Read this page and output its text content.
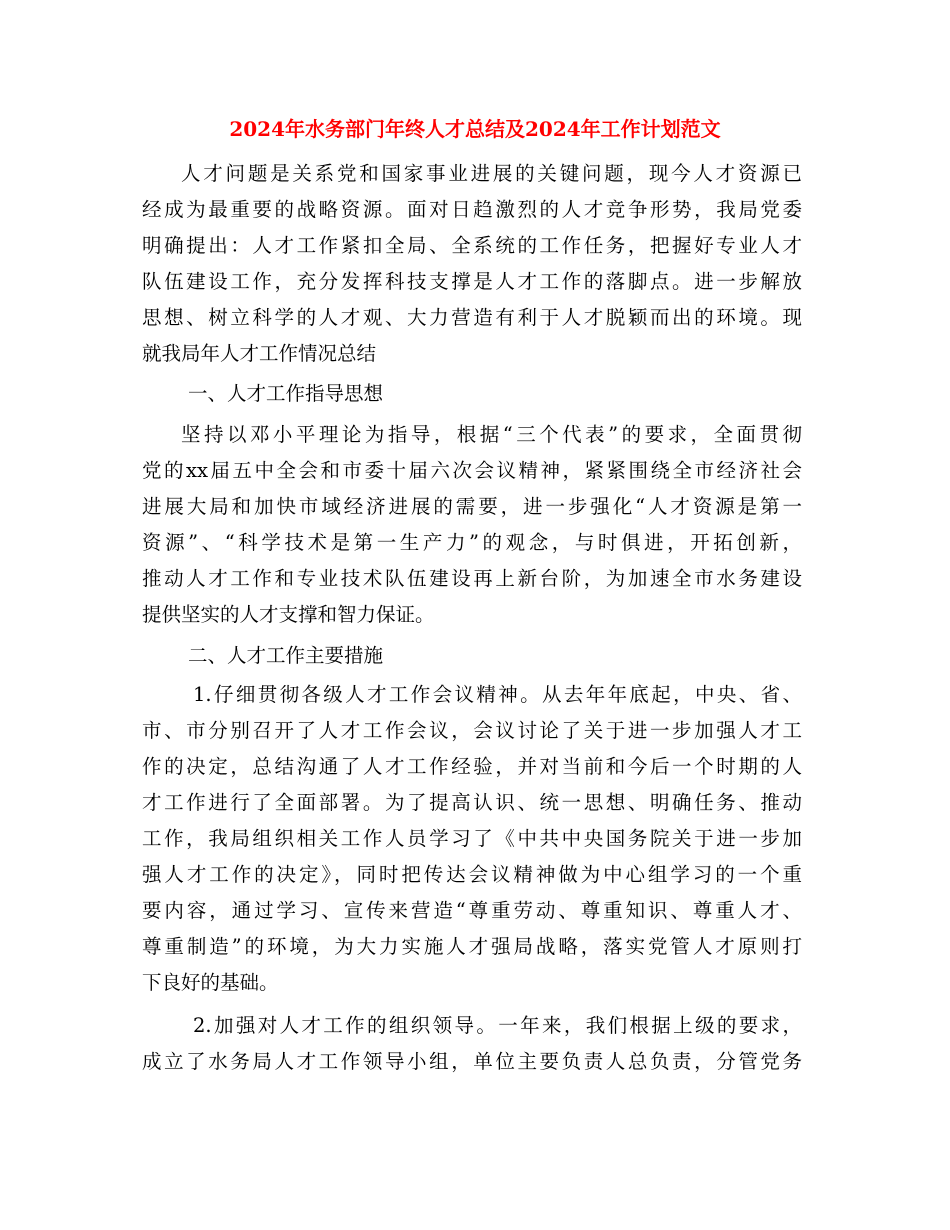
2024年水务部门年终人才总结及2024年工作计划范文
人才问题是关系党和国家事业进展的关键问题，现今人才资源已
经成为最重要的战略资源。面对日趋激烈的人才竞争形势，我局党委
明确提出：人才工作紧扣全局、全系统的工作任务，把握好专业人才
队伍建设工作，充分发挥科技支撑是人才工作的落脚点。进一步解放
思想、树立科学的人才观、大力营造有利于人才脱颖而出的环境。现
就我局年人才工作情况总结
一、人才工作指导思想
坚持以邓小平理论为指导，根据“三个代表”的要求，全面贯彻
党的xx届五中全会和市委十届六次会议精神，紧紧围绕全市经济社会
进展大局和加快市域经济进展的需要，进一步强化“人才资源是第一
资源”、“科学技术是第一生产力”的观念，与时俱进，开拓创新，
推动人才工作和专业技术队伍建设再上新台阶，为加速全市水务建设
提供坚实的人才支撑和智力保证。
二、人才工作主要措施
1.仔细贯彻各级人才工作会议精神。从去年年底起，中央、省、
市、市分别召开了人才工作会议，会议讨论了关于进一步加强人才工
作的决定，总结沟通了人才工作经验，并对当前和今后一个时期的人
才工作进行了全面部署。为了提高认识、统一思想、明确任务、推动
工作，我局组织相关工作人员学习了《中共中央国务院关于进一步加
强人才工作的决定》，同时把传达会议精神做为中心组学习的一个重
要内容，通过学习、宣传来营造“尊重劳动、尊重知识、尊重人才、
尊重制造”的环境，为大力实施人才强局战略，落实党管人才原则打
下良好的基础。
2.加强对人才工作的组织领导。一年来，我们根据上级的要求，
成立了水务局人才工作领导小组，单位主要负责人总负责，分管党务
